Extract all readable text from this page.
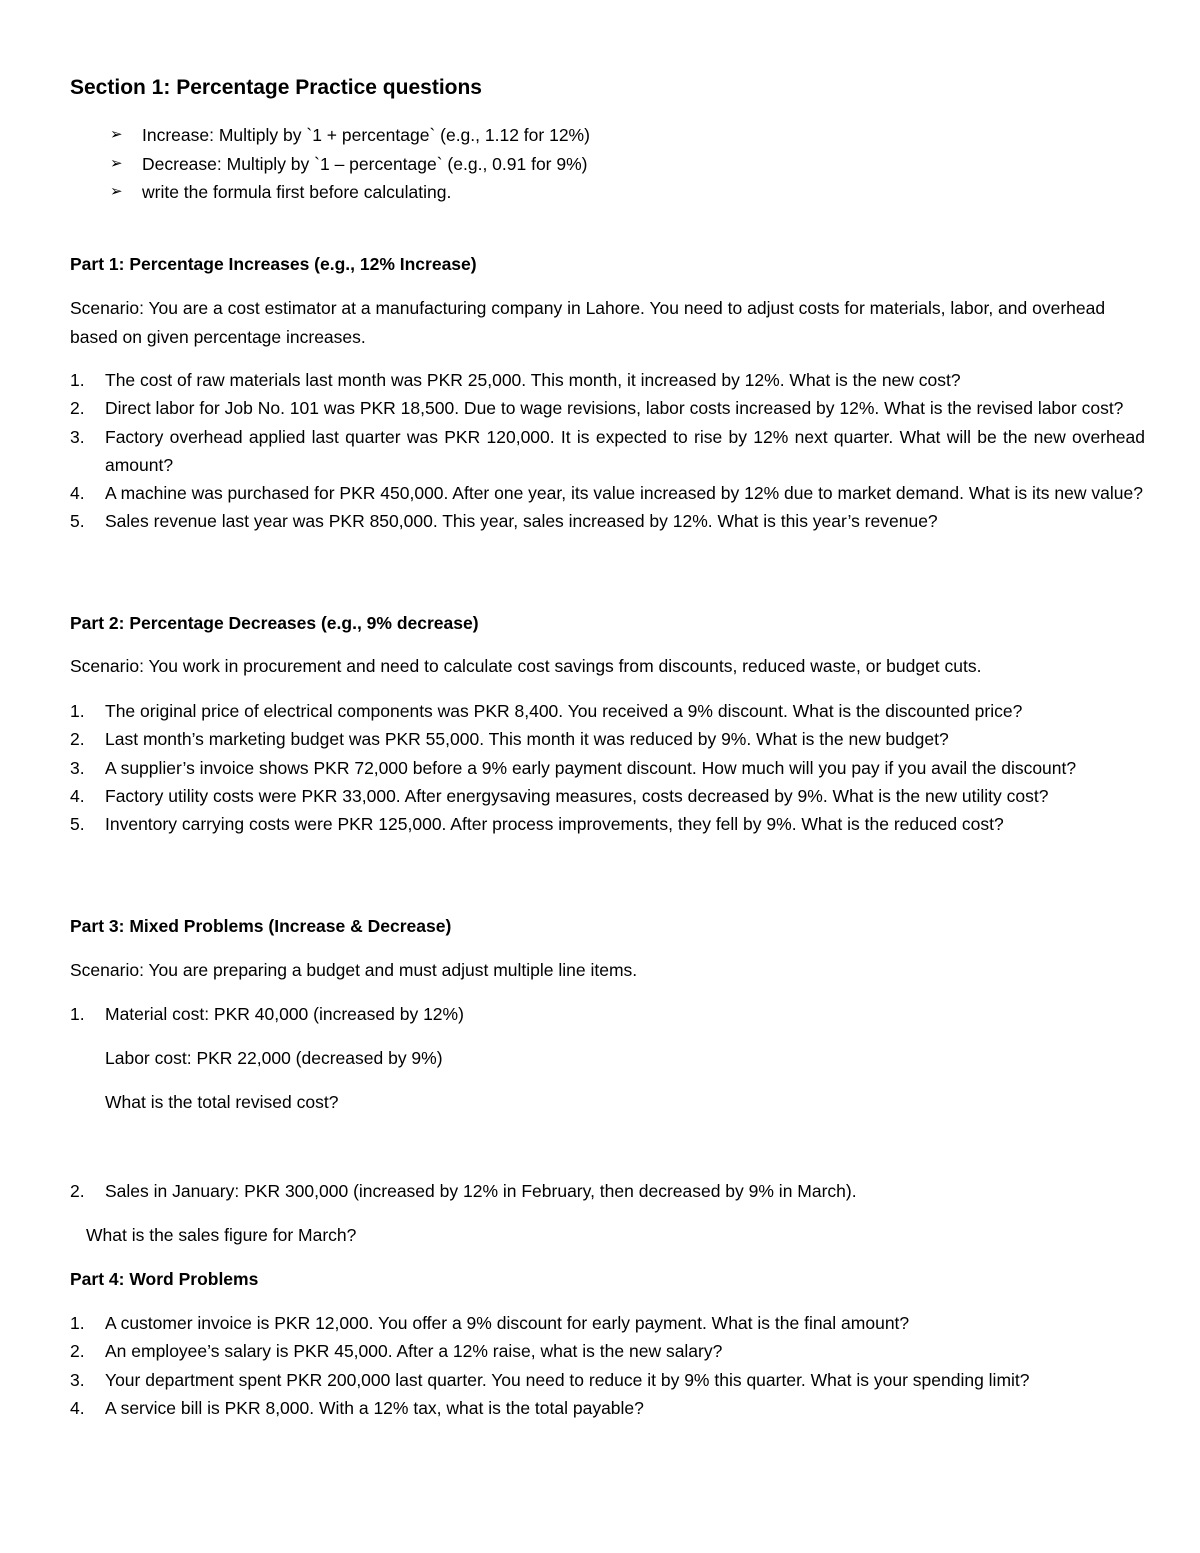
Section 1: Percentage Practice questions
➢	Increase: Multiply by `1 + percentage` (e.g., 1.12 for 12%)
➢	Decrease: Multiply by `1 – percentage` (e.g., 0.91 for 9%)
➢	write the formula first before calculating.
Part 1: Percentage Increases (e.g., 12% Increase)

Scenario: You are a cost estimator at a manufacturing company in Lahore. You need to adjust costs for materials, labor, and overhead based on given percentage increases.

1. The cost of raw materials last month was PKR 25,000. This month, it increased by 12%. What is the new cost?
2. Direct labor for Job No. 101 was PKR 18,500. Due to wage revisions, labor costs increased by 12%. What is the revised labor cost?
3. Factory overhead applied last quarter was PKR 120,000. It is expected to rise by 12% next quarter. What will be the new overhead amount?
4. A machine was purchased for PKR 450,000. After one year, its value increased by 12% due to market demand. What is its new value?
5. Sales revenue last year was PKR 850,000. This year, sales increased by 12%. What is this year’s revenue?
Part 2: Percentage Decreases (e.g., 9% decrease)

Scenario: You work in procurement and need to calculate cost savings from discounts, reduced waste, or budget cuts.

1. The original price of electrical components was PKR 8,400. You received a 9% discount. What is the discounted price?
2. Last month’s marketing budget was PKR 55,000. This month it was reduced by 9%. What is the new budget?
3. A supplier’s invoice shows PKR 72,000 before a 9% early payment discount. How much will you pay if you avail the discount?
4. Factory utility costs were PKR 33,000. After energysaving measures, costs decreased by 9%. What is the new utility cost?
5. Inventory carrying costs were PKR 125,000. After process improvements, they fell by 9%. What is the reduced cost?
Part 3: Mixed Problems (Increase & Decrease)

Scenario: You are preparing a budget and must adjust multiple line items.

1. Material cost: PKR 40,000 (increased by 12%)
Labor cost: PKR 22,000 (decreased by 9%)
What is the total revised cost?
2. Sales in January: PKR 300,000 (increased by 12% in February, then decreased by 9% in March).
What is the sales figure for March?
Part 4: Word Problems
1. A customer invoice is PKR 12,000. You offer a 9% discount for early payment. What is the final amount?
2. An employee’s salary is PKR 45,000. After a 12% raise, what is the new salary?
3. Your department spent PKR 200,000 last quarter. You need to reduce it by 9% this quarter. What is your spending limit?
4. A service bill is PKR 8,000. With a 12% tax, what is the total payable?
